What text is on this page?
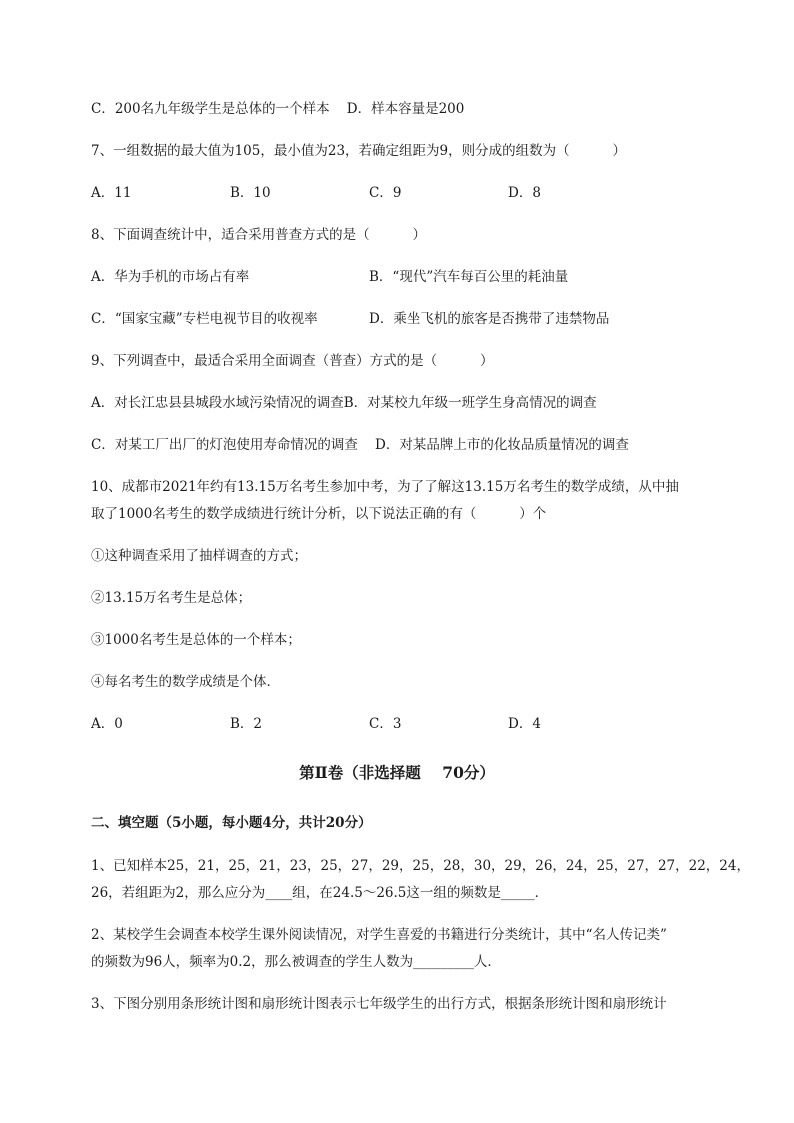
C．200名九年级学生是总体的一个样本    D．样本容量是200
7、一组数据的最大值为105，最小值为23，若确定组距为9，则分成的组数为（          ）
A．11	B．10	C．9	D．8
8、下面调查统计中，适合采用普查方式的是（          ）
A．华为手机的市场占有率	B．“现代”汽车每百公里的耗油量
C．“国家宝藏”专栏电视节目的收视率	D．乘坐飞机的旅客是否携带了违禁物品
9、下列调查中，最适合采用全面调查（普查）方式的是（          ）
A．对长江忠县县城段水域污染情况的调查B．对某校九年级一班学生身高情况的调查
C．对某工厂出厂的灯泡使用寿命情况的调查    D．对某品牌上市的化妆品质量情况的调查
10、成都市2021年约有13.15万名考生参加中考，为了了解这13.15万名考生的数学成绩，从中抽
取了1000名考生的数学成绩进行统计分析，以下说法正确的有（          ）个
①这种调查采用了抽样调查的方式；
②13.15万名考生是总体；
③1000名考生是总体的一个样本；
④每名考生的数学成绩是个体．
A．0	B．2	C．3	D．4
第Ⅱ卷（非选择题    70分）
二、填空题（5小题，每小题4分，共计20分）
1、已知样本25，21，25，21，23，25，27，29，25，28，30，29，26，24，25，27，27，22，24，
26，若组距为2，那么应分为____组，在24.5～26.5这一组的频数是_____．
2、某校学生会调查本校学生课外阅读情况，对学生喜爱的书籍进行分类统计，其中“名人传记类”
的频数为96人，频率为0.2，那么被调查的学生人数为_________人．
3、下图分别用条形统计图和扇形统计图表示七年级学生的出行方式，根据条形统计图和扇形统计
